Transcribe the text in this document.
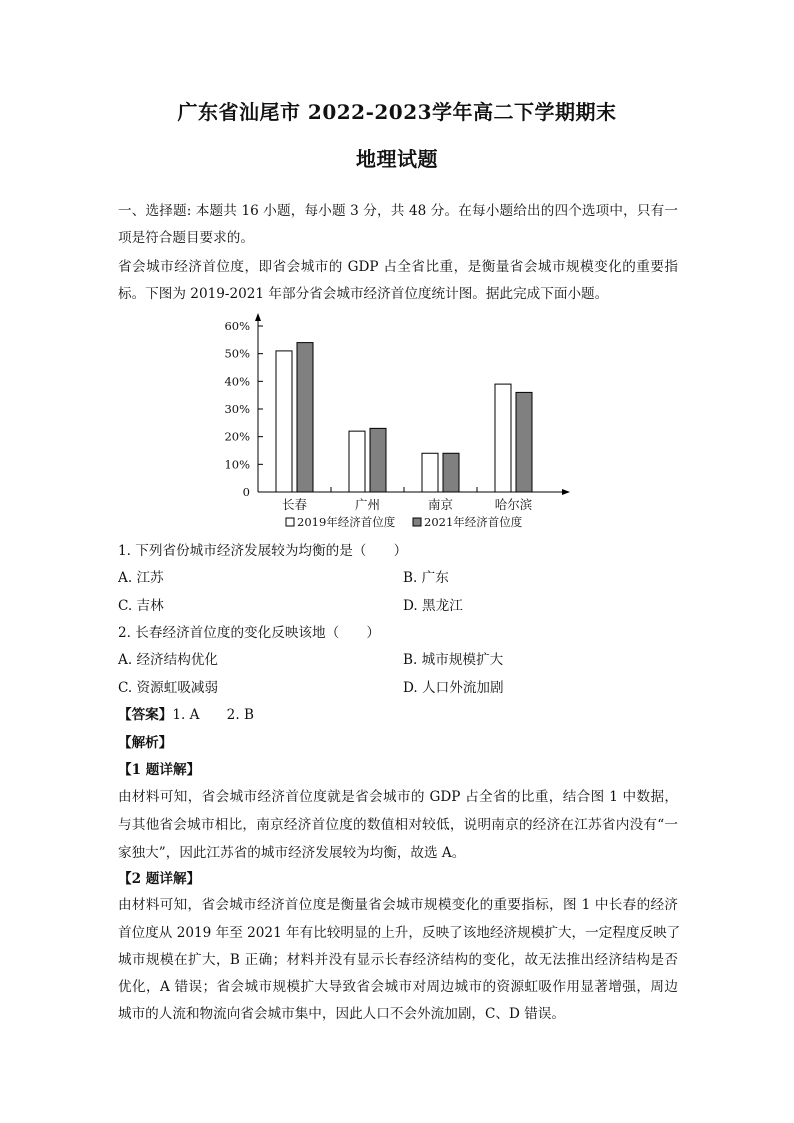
广东省汕尾市 2022-2023学年高二下学期期末
地理试题
一、选择题: 本题共 16 小题，每小题 3 分，共 48 分。在每小题给出的四个选项中，只有一
项是符合题目要求的。
省会城市经济首位度，即省会城市的 GDP 占全省比重，是衡量省会城市规模变化的重要指
标。下图为 2019-2021 年部分省会城市经济首位度统计图。据此完成下面小题。
0
10%
20%
30%
40%
50%
60%
长春	广州	南京	哈尔滨
2019年经济首位度 2021年经济首位度
1. 下列省份城市经济发展较为均衡的是（　　）
A. 江苏	B. 广东
C. 吉林	D. 黑龙江
2. 长春经济首位度的变化反映该地（　　）
A. 经济结构优化	B. 城市规模扩大
C. 资源虹吸减弱	D. 人口外流加剧
【答案】1. A　　2. B
【解析】
【1 题详解】
由材料可知，省会城市经济首位度就是省会城市的 GDP 占全省的比重，结合图 1 中数据，
与其他省会城市相比，南京经济首位度的数值相对较低，说明南京的经济在江苏省内没有“一
家独大”，因此江苏省的城市经济发展较为均衡，故选 A。
【2 题详解】
由材料可知，省会城市经济首位度是衡量省会城市规模变化的重要指标，图 1 中长春的经济
首位度从 2019 年至 2021 年有比较明显的上升，反映了该地经济规模扩大，一定程度反映了
城市规模在扩大，B 正确；材料并没有显示长春经济结构的变化，故无法推出经济结构是否
优化，A 错误；省会城市规模扩大导致省会城市对周边城市的资源虹吸作用显著增强，周边
城市的人流和物流向省会城市集中，因此人口不会外流加剧，C、D 错误。
